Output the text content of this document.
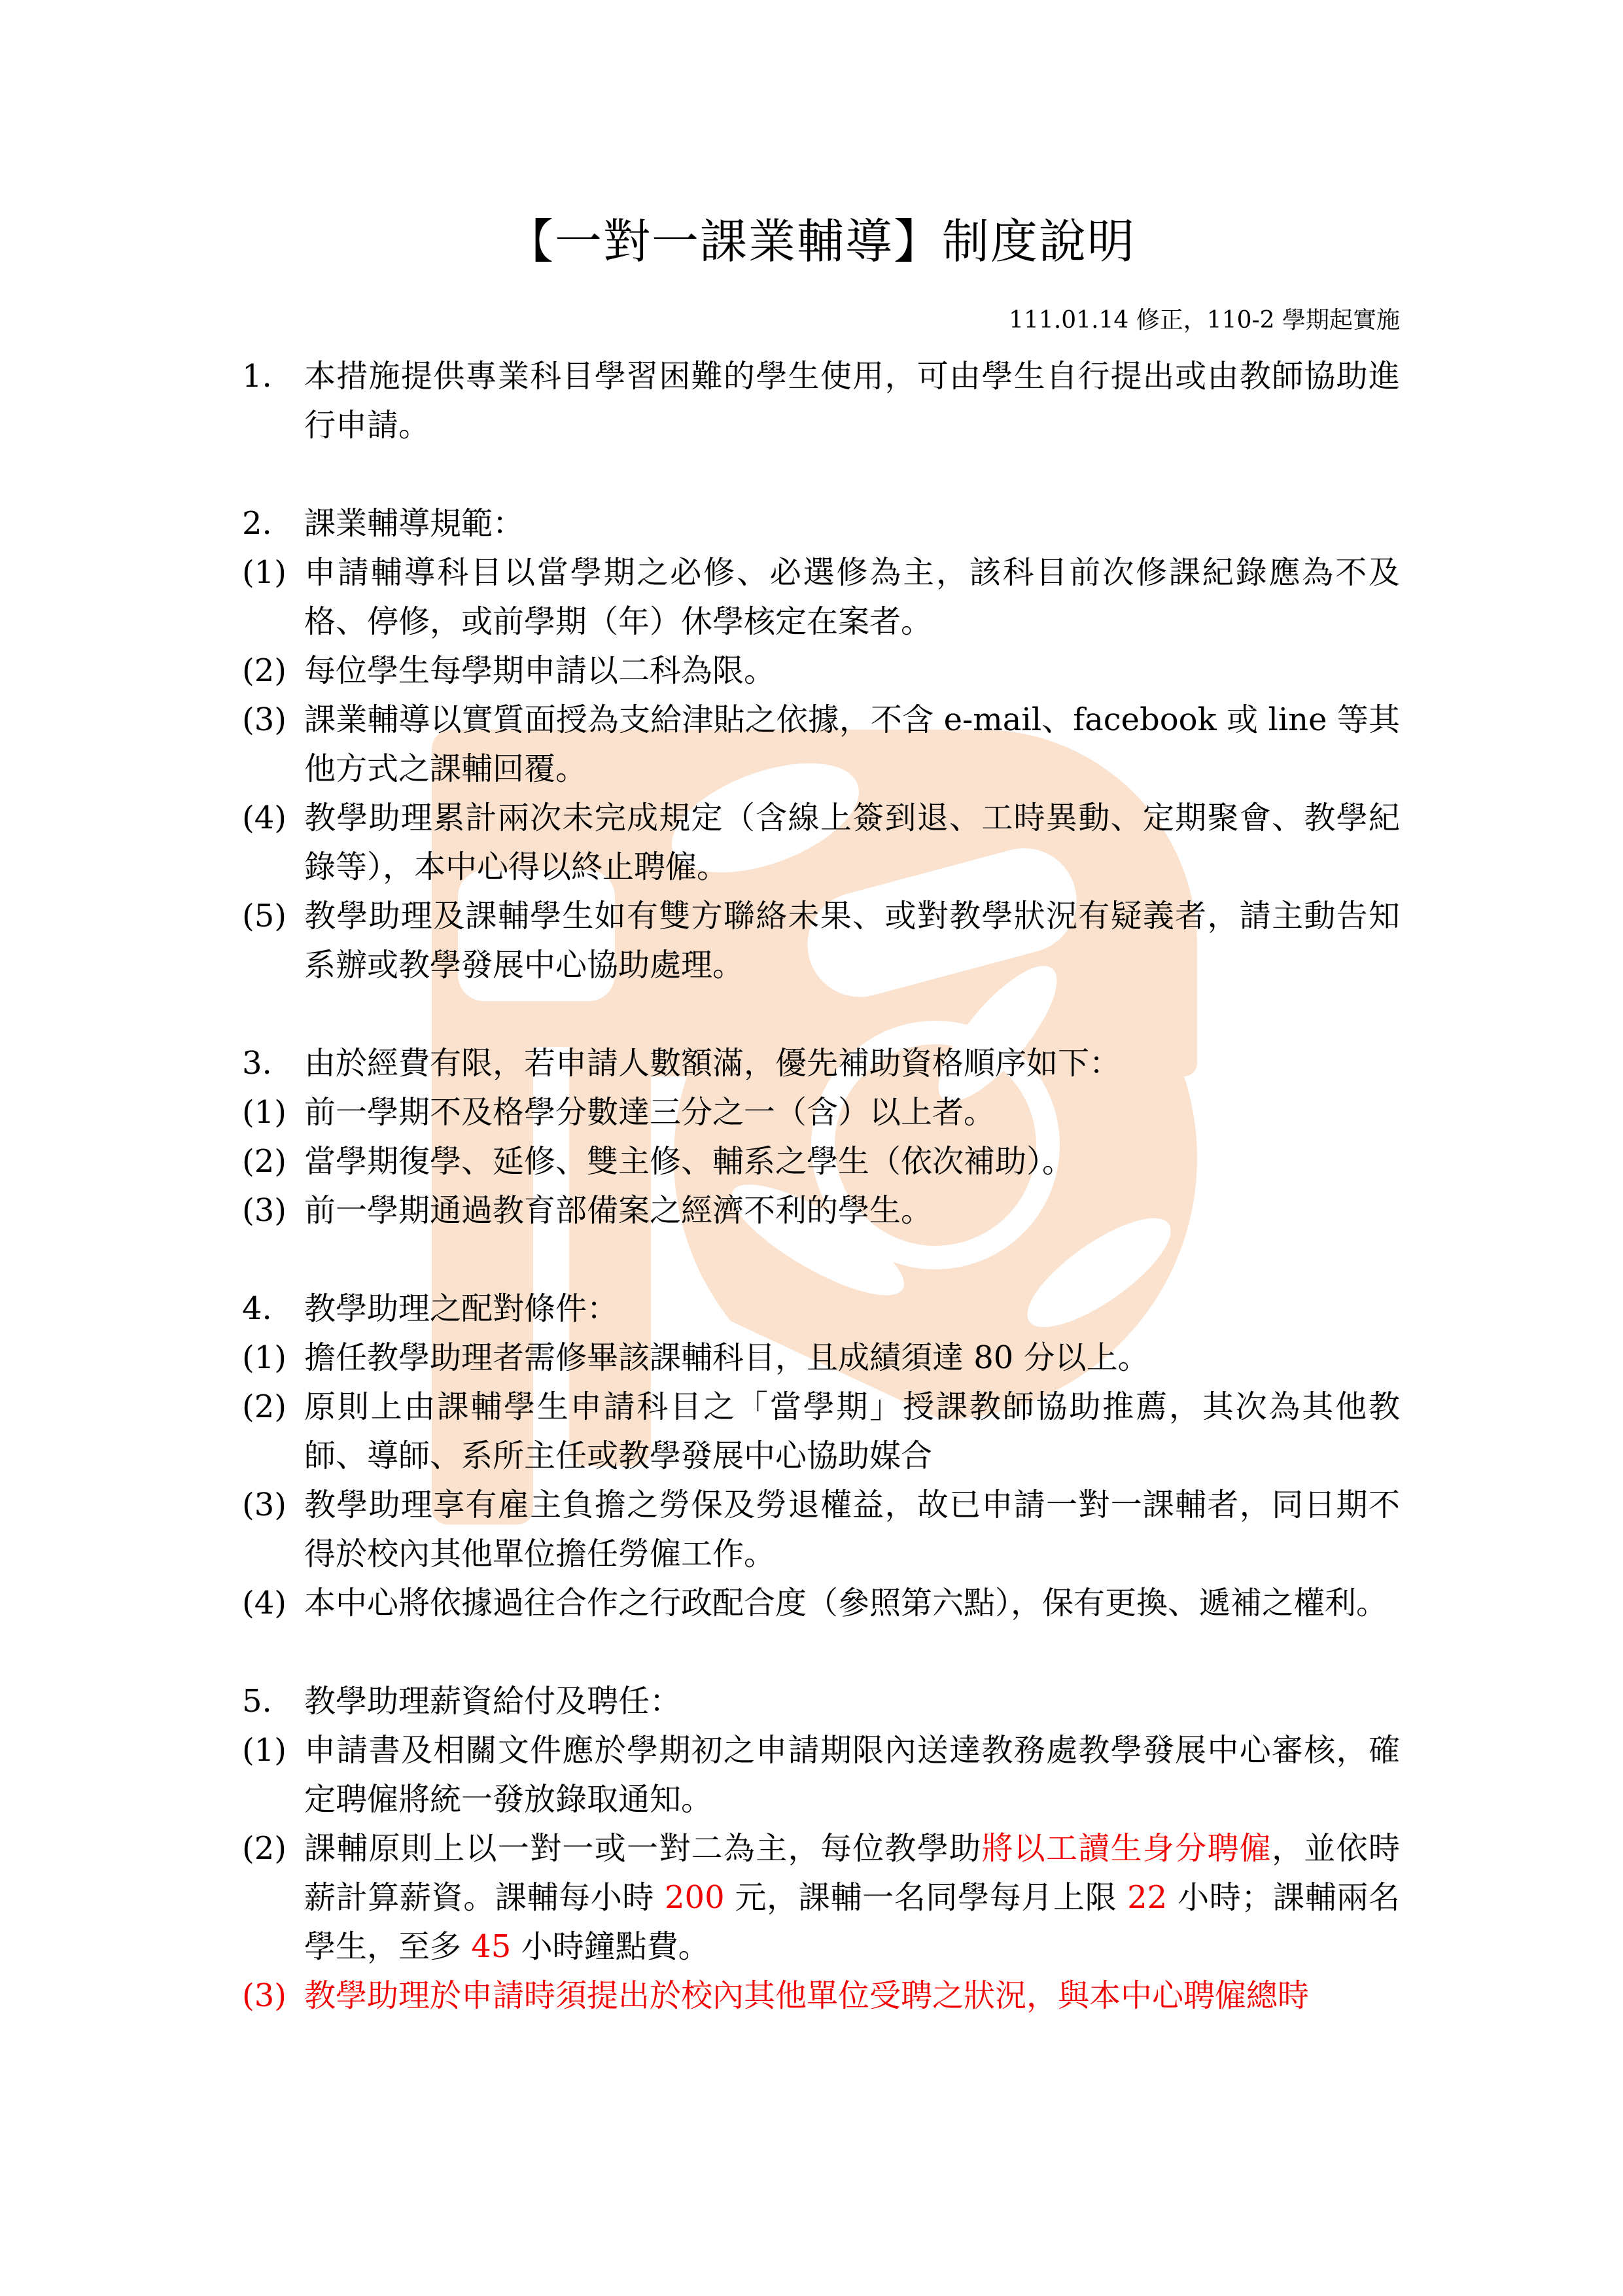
【一對一課業輔導】制度說明
111.01.14 修正，110-2 學期起實施
1.	本措施提供專業科目學習困難的學生使用，可由學生自行提出或由教師協助進行申請。
2.	課業輔導規範：
(1) 申請輔導科目以當學期之必修、必選修為主，該科目前次修課紀錄應為不及格、停修，或前學期（年）休學核定在案者。
(2) 每位學生每學期申請以二科為限。
(3) 課業輔導以實質面授為支給津貼之依據，不含 e-mail、facebook 或 line 等其他方式之課輔回覆。
(4) 教學助理累計兩次未完成規定（含線上簽到退、工時異動、定期聚會、教學紀錄等），本中心得以終止聘僱。
(5) 教學助理及課輔學生如有雙方聯絡未果、或對教學狀況有疑義者，請主動告知系辦或教學發展中心協助處理。
3.	由於經費有限，若申請人數額滿，優先補助資格順序如下：
(1) 前一學期不及格學分數達三分之一（含）以上者。
(2) 當學期復學、延修、雙主修、輔系之學生（依次補助）。
(3) 前一學期通過教育部備案之經濟不利的學生。
4.	教學助理之配對條件：
(1) 擔任教學助理者需修畢該課輔科目，且成績須達 80 分以上。
(2) 原則上由課輔學生申請科目之「當學期」授課教師協助推薦，其次為其他教師、導師、系所主任或教學發展中心協助媒合
(3) 教學助理享有雇主負擔之勞保及勞退權益，故已申請一對一課輔者，同日期不得於校內其他單位擔任勞僱工作。
(4) 本中心將依據過往合作之行政配合度（參照第六點），保有更換、遞補之權利。
5.	教學助理薪資給付及聘任：
(1) 申請書及相關文件應於學期初之申請期限內送達教務處教學發展中心審核，確定聘僱將統一發放錄取通知。
(2) 課輔原則上以一對一或一對二為主，每位教學助將以工讀生身分聘僱，並依時薪計算薪資。課輔每小時 200 元，課輔一名同學每月上限 22 小時；課輔兩名學生，至多 45 小時鐘點費。
(3) 教學助理於申請時須提出於校內其他單位受聘之狀況，與本中心聘僱總時
